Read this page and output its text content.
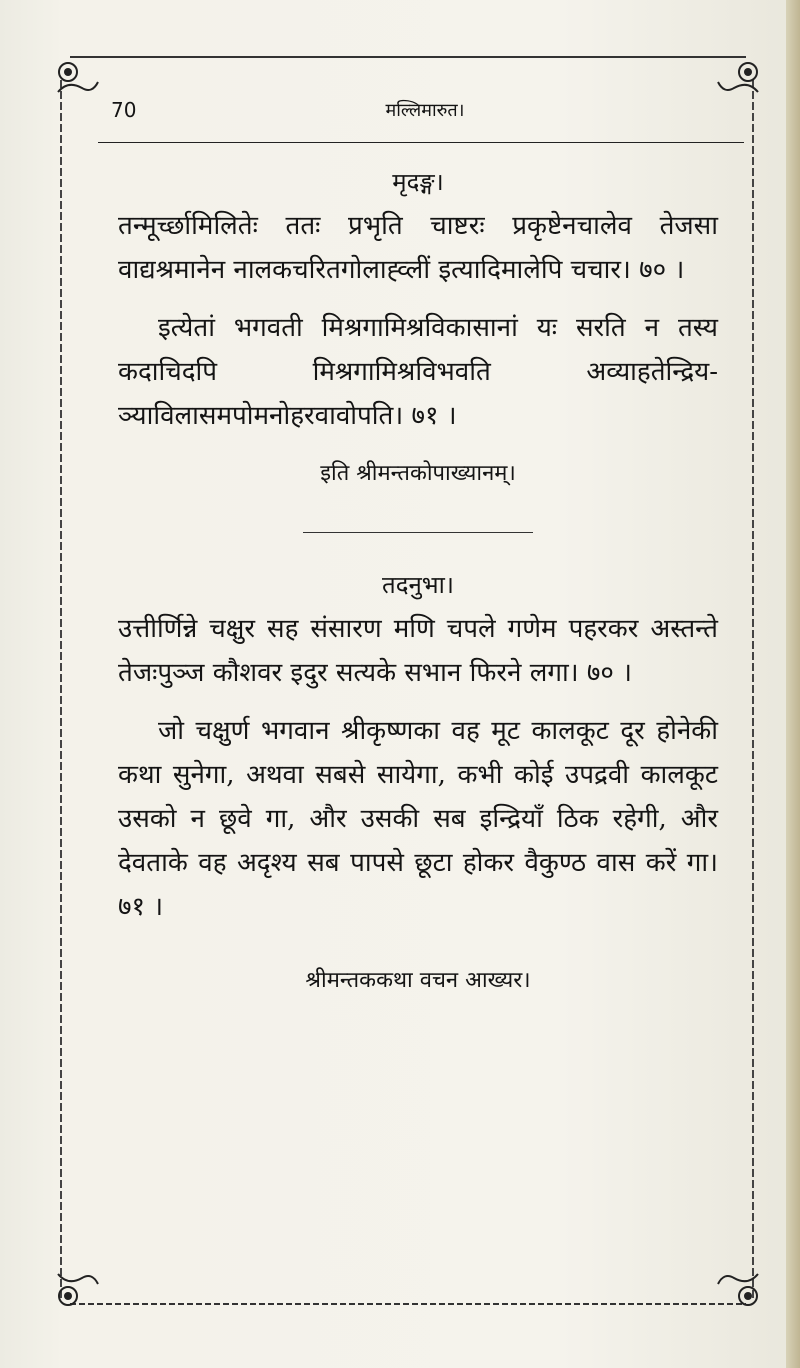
मल्लिमारुत।
70

मृदङ्ग।

तन्मूर्च्छामिलितेः ततः प्रभृति चाष्टरः प्रकृष्टेनचालेव तेजसा वाद्यश्रमानेन नालकचरितगोलाह्व्लीं इत्यादिमालेपि चचार। ७० ।

इत्येतां भगवती मिश्रगामिश्रविकासानां यः सरति न तस्य कदाचिदपि मिश्रगामिश्रविभवति अव्याहतेन्द्रिय-ञ्याविलासमपोमनोहरवावोपति। ७१ ।

इति श्रीमन्तकोपाख्यानम्।

तदनुभा।

उत्तीर्णिन्ने चक्षुर सह संसारण मणि चपले गणेम पहरकर अस्तन्ते तेजःपुञ्ज कौशवर इदुर सत्यके सभान फिरने लगा। ७० ।

जो चक्षुर्ण भगवान श्रीकृष्णका वह मूट कालकूट दूर होनेकी कथा सुनेगा, अथवा सबसे सायेगा, कभी कोई उपद्रवी कालकूट उसको न छूवे गा, और उसकी सब इन्द्रियाँ ठिक रहेगी, और देवताके वह अदृश्य सब पापसे छूटा होकर वैकुण्ठ वास करें गा। ७१ ।

श्रीमन्तककथा वचन आख्यर।
